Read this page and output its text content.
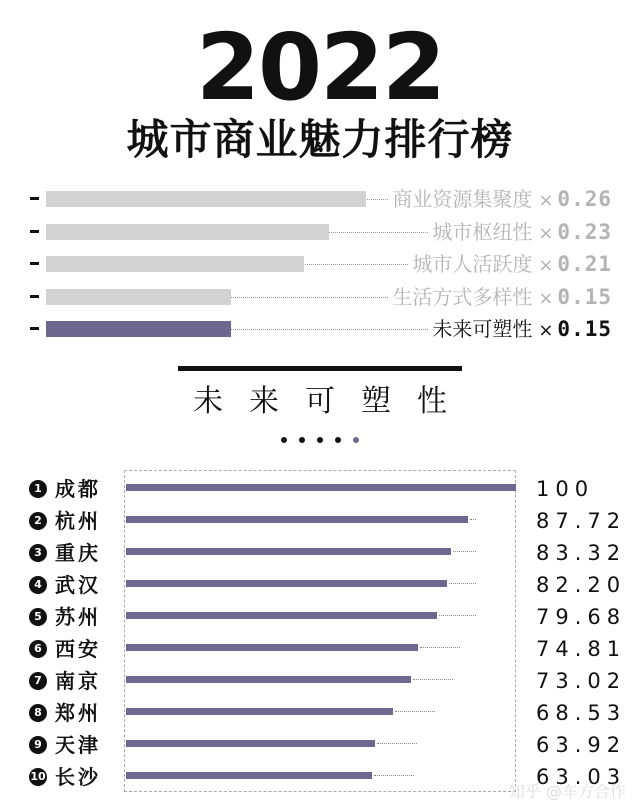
2022
城市商业魅力排行榜
商业资源集聚度 × 0.26
城市枢纽性 × 0.23
城市人活跃度 × 0.21
生活方式多样性 × 0.15
未来可塑性 × 0.15
未来可塑性
1 成都	100
2 杭州	87.72
3 重庆	83.32
4 武汉	82.20
5 苏州	79.68
6 西安	74.81
7 南京	73.02
8 郑州	68.53
9 天津	63.92
10 长沙	63.03
知乎 @车方合作
